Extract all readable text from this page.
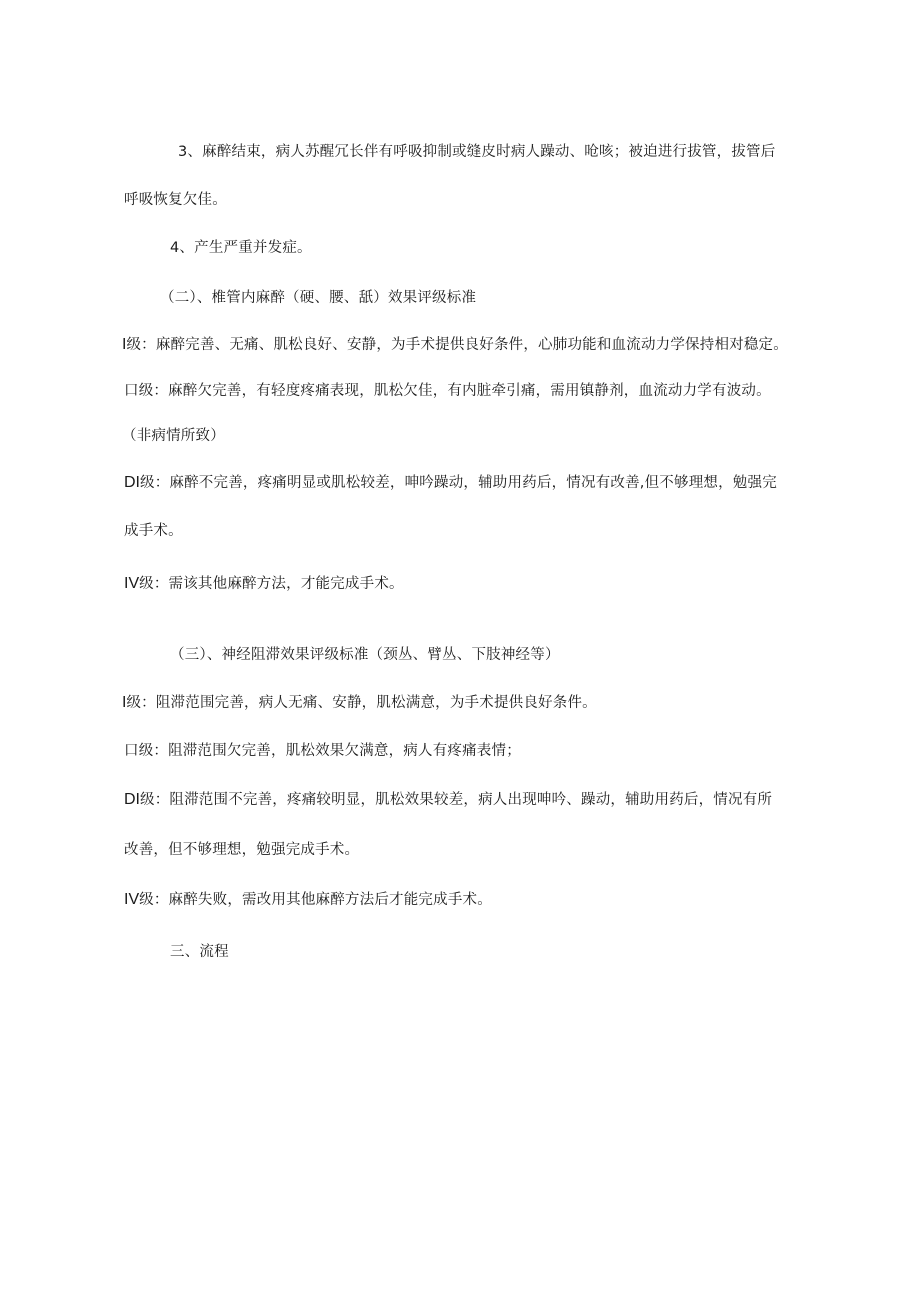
3、麻醉结束，病人苏醒冗长伴有呼吸抑制或缝皮时病人躁动、呛咳；被迫进行拔管，拔管后
呼吸恢复欠佳。
4、产生严重并发症。
（二）、椎管内麻醉（硬、腰、舐）效果评级标准
I级：麻醉完善、无痛、肌松良好、安静，为手术提供良好条件，心肺功能和血流动力学保持相对稳定。
口级：麻醉欠完善，有轻度疼痛表现，肌松欠佳，有内脏牵引痛，需用镇静剂，血流动力学有波动。
（非病情所致）
DI级：麻醉不完善，疼痛明显或肌松较差，呻吟躁动，辅助用药后，情况有改善,但不够理想，勉强完
成手术。
IV级：需该其他麻醉方法，才能完成手术。
（三）、神经阻滞效果评级标准（颈丛、臂丛、下肢神经等）
I级：阻滞范围完善，病人无痛、安静，肌松满意，为手术提供良好条件。
口级：阻滞范围欠完善，肌松效果欠满意，病人有疼痛表情；
DI级：阻滞范围不完善，疼痛较明显，肌松效果较差，病人出现呻吟、躁动，辅助用药后，情况有所
改善，但不够理想，勉强完成手术。
IV级：麻醉失败，需改用其他麻醉方法后才能完成手术。
三、流程
